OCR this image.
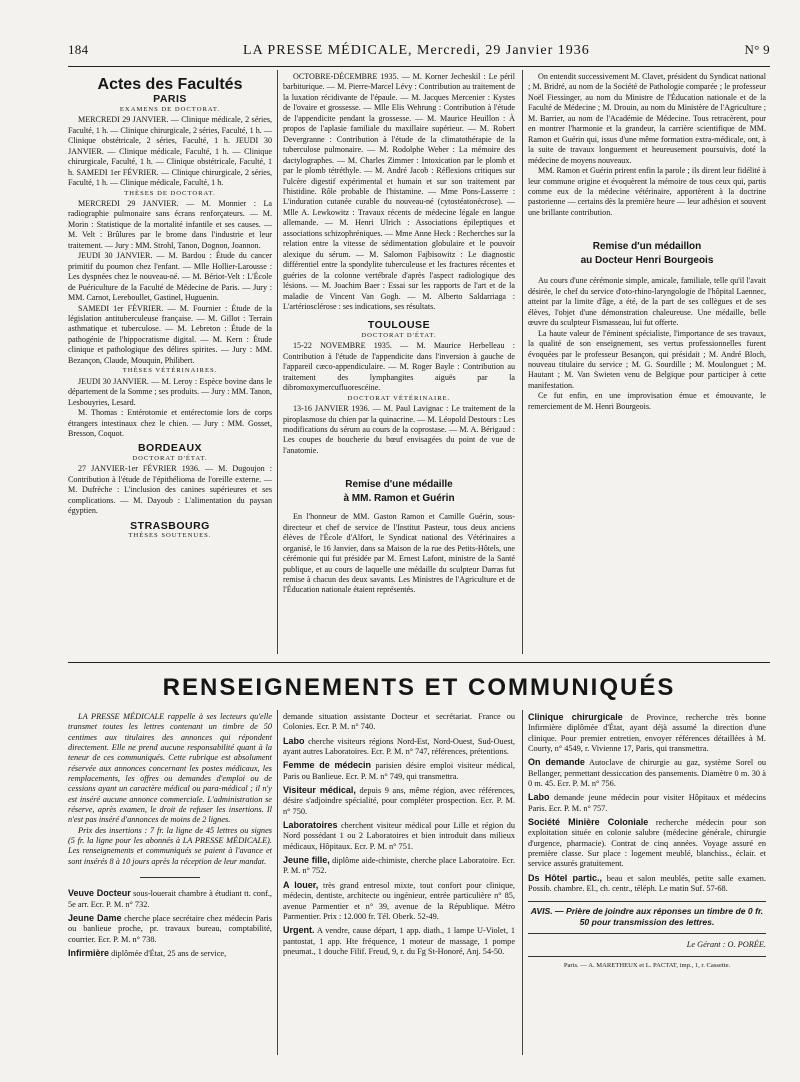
184	LA PRESSE MÉDICALE, Mercredi, 29 Janvier 1936	N° 9
Actes des Facultés
PARIS

EXAMENS DE DOCTORAT.

MERCREDI 29 JANVIER. — Clinique médicale, 2 séries, Faculté, 1 h. — Clinique chirurgicale, 2 séries, Faculté, 1 h. — Clinique obstétricale, 2 séries, Faculté, 1 h. JEUDI 30 JANVIER. — Clinique médicale, Faculté, 1 h. — Clinique chirurgicale, Faculté, 1 h. — Clinique obstétricale, Faculté, 1 h. SAMEDI 1er FÉVRIER. — Clinique chirurgicale, 2 séries, Faculté, 1 h. — Clinique médicale, Faculté, 1 h.

THÈSES DE DOCTORAT.

MERCREDI 29 JANVIER. — M. Monnier : La radiographie pulmonaire sans écrans renforçateurs. — M. Morin : Statistique de la mortalité infantile et ses causes. — M. Velt : Brûlures par le brome dans l'industrie et leur traitement. — Jury : MM. Strohl, Tanon, Dognon, Joannon.

JEUDI 30 JANVIER. — M. Bardou : Étude du cancer primitif du poumon chez l'enfant. — Mlle Hollier-Larousse : Les dyspnées chez le nouveau-né. — M. Bériot-Velt : L'École de Puériculture de la Faculté de Médecine de Paris. — Jury : MM. Carnot, Lereboullet, Gastinel, Huguenin.

SAMEDI 1er FÉVRIER. — M. Fournier : Étude de la législation antituberculeuse française. — M. Gillot : Terrain asthmatique et tuberculose. — M. Lebreton : Étude de la pathogénie de l'hippocratisme digital. — M. Kern : Étude clinique et pathologique des délires spirites. — Jury : MM. Bezançon, Claude, Mouquin, Philibert.

THÈSES VÉTÉRINAIRES.

JEUDI 30 JANVIER. — M. Leroy : Espèce bovine dans le département de la Somme ; ses produits. — Jury : MM. Tanon, Lesbouyries, Lesard.

M. Thomas : Entérotomie et entérectomie lors de corps étrangers intestinaux chez le chien. — Jury : MM. Gosset, Bresson, Coquot.

BORDEAUX

DOCTORAT D'ÉTAT.

27 JANVIER-1er FÉVRIER 1936. — M. Dugoujon : Contribution à l'étude de l'épithélioma de l'oreille externe. — M. Dufrèche : L'inclusion des canines supérieures et ses complications. — M. Dayoub : L'alimentation du paysan égyptien.

STRASBOURG

THÈSES SOUTENUES.

OCTOBRE-DÉCEMBRE 1935. — M. Korner Jecheskil : Le péril barbiturique. — M. Pierre-Marcel Lévy : Contribution au traitement de la luxation récidivante de l'épaule. — M. Jacques Mercenier : Kystes de l'ovaire et grossesse. — Mlle Elis Wehrung : Contribution à l'étude de l'appendicite pendant la grossesse. — M. Maurice Heuillon : À propos de l'aplasie familiale du maxillaire supérieur. — M. Robert Devergranne : Contribution à l'étude de la climatothérapie de la tuberculose pulmonaire. — M. Rodolphe Weber : La mémoire des dactylographes. — M. Charles Zimmer : Intoxication par le plomb et par le plomb tétréthyle. — M. André Jacob : Réflexions critiques sur l'ulcère digestif expérimental et humain et sur son traitement par l'histidine. Rôle probable de l'histamine. — Mme Pons-Lasserre : L'induration cutanée curable du nouveau-né (cytostéatonécrose). — Mlle A. Lewkowitz : Travaux récents de médecine légale en langue allemande. — M. Henri Ulrich : Associations épileptiques et associations schizophréniques. — Mme Anne Heck : Recherches sur la relation entre la vitesse de sédimentation globulaire et le pouvoir alexique du sérum. — M. Salomon Fajbisowitz : Le diagnostic différentiel entre la spondylite tuberculeuse et les fractures récentes et guéries de la colonne vertébrale d'après l'aspect radiologique des lésions. — M. Joachim Baer : Essai sur les rapports de l'art et de la maladie de Vincent Van Gogh. — M. Alberto Saldarriaga : L'artériosclérose : ses indications, ses résultats.

TOULOUSE

DOCTORAT D'ÉTAT.

15-22 NOVEMBRE 1935. — M. Maurice Herbelleau : Contribution à l'étude de l'appendicite dans l'inversion à gauche de l'appareil cæco-appendiculaire. — M. Roger Bayle : Contribution au traitement des lymphangites aiguës par la dibromoxymercufluorescéine.

DOCTORAT VÉTÉRINAIRE.

13-16 JANVIER 1936. — M. Paul Lavignac : Le traitement de la piroplasmose du chien par la quinacrine. — M. Léopold Destours : Les modifications du sérum au cours de la coprostase. — M. A. Bérigaud : Les coupes de boucherie du bœuf envisagées du point de vue de l'anatomie.

Remise d'une médaille
à MM. Ramon et Guérin

En l'honneur de MM. Gaston Ramon et Camille Guérin, sous-directeur et chef de service de l'Institut Pasteur, tous deux anciens élèves de l'École d'Alfort, le Syndicat national des Vétérinaires a organisé, le 16 Janvier, dans sa Maison de la rue des Petits-Hôtels, une cérémonie qui fut présidée par M. Ernest Lafont, ministre de la Santé publique, et au cours de laquelle une médaille du sculpteur Darras fut remise à chacun des deux savants. Les Ministres de l'Agriculture et de l'Éducation nationale étaient représentés.

On entendit successivement M. Clavet, président du Syndicat national ; M. Bridré, au nom de la Société de Pathologie comparée ; le professeur Noël Fiessinger, au nom du Ministre de l'Éducation nationale et de la Faculté de Médecine ; M. Drouin, au nom du Ministère de l'Agriculture ; M. Barrier, au nom de l'Académie de Médecine. Tous retracèrent, pour en montrer l'harmonie et la grandeur, la carrière scientifique de MM. Ramon et Guérin qui, issus d'une même formation extra-médicale, ont, à la suite de travaux longuement et heureusement poursuivis, doté la médecine de moyens nouveaux.

MM. Ramon et Guérin prirent enfin la parole ; ils dirent leur fidélité à leur commune origine et évoquèrent la mémoire de tous ceux qui, partis comme eux de la médecine vétérinaire, apportèrent à la doctrine pastorienne — certains dès la première heure — leur adhésion et souvent une brillante contribution.

Remise d'un médaillon
au Docteur Henri Bourgeois

Au cours d'une cérémonie simple, amicale, familiale, telle qu'il l'avait désirée, le chef du service d'oto-rhino-laryngologie de l'hôpital Laennec, atteint par la limite d'âge, a été, de la part de ses collègues et de ses élèves, l'objet d'une démonstration chaleureuse. Une médaille, belle œuvre du sculpteur Fismasseau, lui fut offerte.

La haute valeur de l'éminent spécialiste, l'importance de ses travaux, la qualité de son enseignement, ses vertus professionnelles furent évoquées par le professeur Besançon, qui présidait ; M. André Bloch, nouveau titulaire du service ; M. G. Sourdille ; M. Moulonguet ; M. Hautant ; M. Van Swieten venu de Belgique pour participer à cette manifestation.

Ce fut enfin, en une improvisation émue et émouvante, le remerciement de M. Henri Bourgeois.

RENSEIGNEMENTS ET COMMUNIQUÉS

LA PRESSE MÉDICALE rappelle à ses lecteurs qu'elle transmet toutes les lettres contenant un timbre de 50 centimes aux titulaires des annonces qui répondent directement. Elle ne prend aucune responsabilité quant à la teneur de ces communiqués. Cette rubrique est absolument réservée aux annonces concernant les postes médicaux, les remplacements, les offres ou demandes d'emploi ou de cessions ayant un caractère médical ou para-médical ; il n'y est inséré aucune annonce commerciale. L'administration se réserve, après examen, le droit de refuser les insertions. Il n'est pas inséré d'annonces de moins de 2 lignes.

Prix des insertions : 7 fr. la ligne de 45 lettres ou signes (5 fr. la ligne pour les abonnés à LA PRESSE MÉDICALE). Les renseignements et communiqués se paient à l'avance et sont insérés 8 à 10 jours après la réception de leur mandat.

Veuve Docteur sous-louerait chambre à étudiant tt. conf., 5e arr. Ecr. P. M. n° 732.

Jeune Dame cherche place secrétaire chez médecin Paris ou banlieue proche, pr. travaux bureau, comptabilité, courrier. Ecr. P. M. n° 738.

Infirmière diplômée d'État, 25 ans de service,

demande situation assistante Docteur et secrétariat. France ou Colonies. Ecr. P. M. n° 740.

Labo cherche visiteurs régions Nord-Est, Nord-Ouest, Sud-Ouest, ayant autres Laboratoires. Ecr. P. M. n° 747, références, prétentions.

Femme de médecin parisien désire emploi visiteur médical, Paris ou Banlieue. Ecr. P. M. n° 749, qui transmettra.

Visiteur médical, depuis 9 ans, même région, avec références, désire s'adjoindre spécialité, pour compléter prospection. Ecr. P. M. n° 750.

Laboratoires cherchent visiteur médical pour Lille et région du Nord possédant 1 ou 2 Laboratoires et bien introduit dans milieux médicaux, Hôpitaux. Ecr. P. M. n° 751.

Jeune fille, diplôme aide-chimiste, cherche place Laboratoire. Ecr. P. M. n° 752.

A louer, très grand entresol mixte, tout confort pour clinique, médecin, dentiste, architecte ou ingénieur, entrée particulière n° 85, avenue Parmentier et n° 39, avenue de la République. Métro Parmentier. Prix : 12.000 fr. Tél. Oberk. 52-49.

Urgent. A vendre, cause départ, 1 app. diath., 1 lampe U-Violet, 1 pantostat, 1 app. Hte fréquence, 1 moteur de massage, 1 pompe pneumat., 1 douche Filif. Freud, 9, r. du Fg St-Honoré, Anj. 54-50.

Clinique chirurgicale de Province, recherche très bonne Infirmière diplômée d'État, ayant déjà assumé la direction d'une clinique. Pour premier entretien, envoyer références détaillées à M. Courty, n° 4549, r. Vivienne 17, Paris, qui transmettra.

On demande Autoclave de chirurgie au gaz, système Sorel ou Bellanger, permettant dessiccation des pansements. Diamètre 0 m. 30 à 0 m. 45. Ecr. P. M. n° 756.

Labo demande jeune médecin pour visiter Hôpitaux et médecins Paris. Ecr. P. M. n° 757.

Société Minière Coloniale recherche médecin pour son exploitation située en colonie salubre (médecine générale, chirurgie d'urgence, pharmacie). Contrat de cinq années. Voyage assuré en première classe. Sur place : logement meublé, blanchiss., éclair. et service assurés gratuitement.

Ds Hôtel partic., beau et salon meublés, petite salle examen. Possib. chambre. El., ch. centr., téléph. Le matin Suf. 57-68.

AVIS. — Prière de joindre aux réponses un timbre de 0 fr. 50 pour transmission des lettres.

Le Gérant : O. PORÉE.

Paris. — A. MARETHEUX et L. PACTAT, imp., 1, r. Cassette.
